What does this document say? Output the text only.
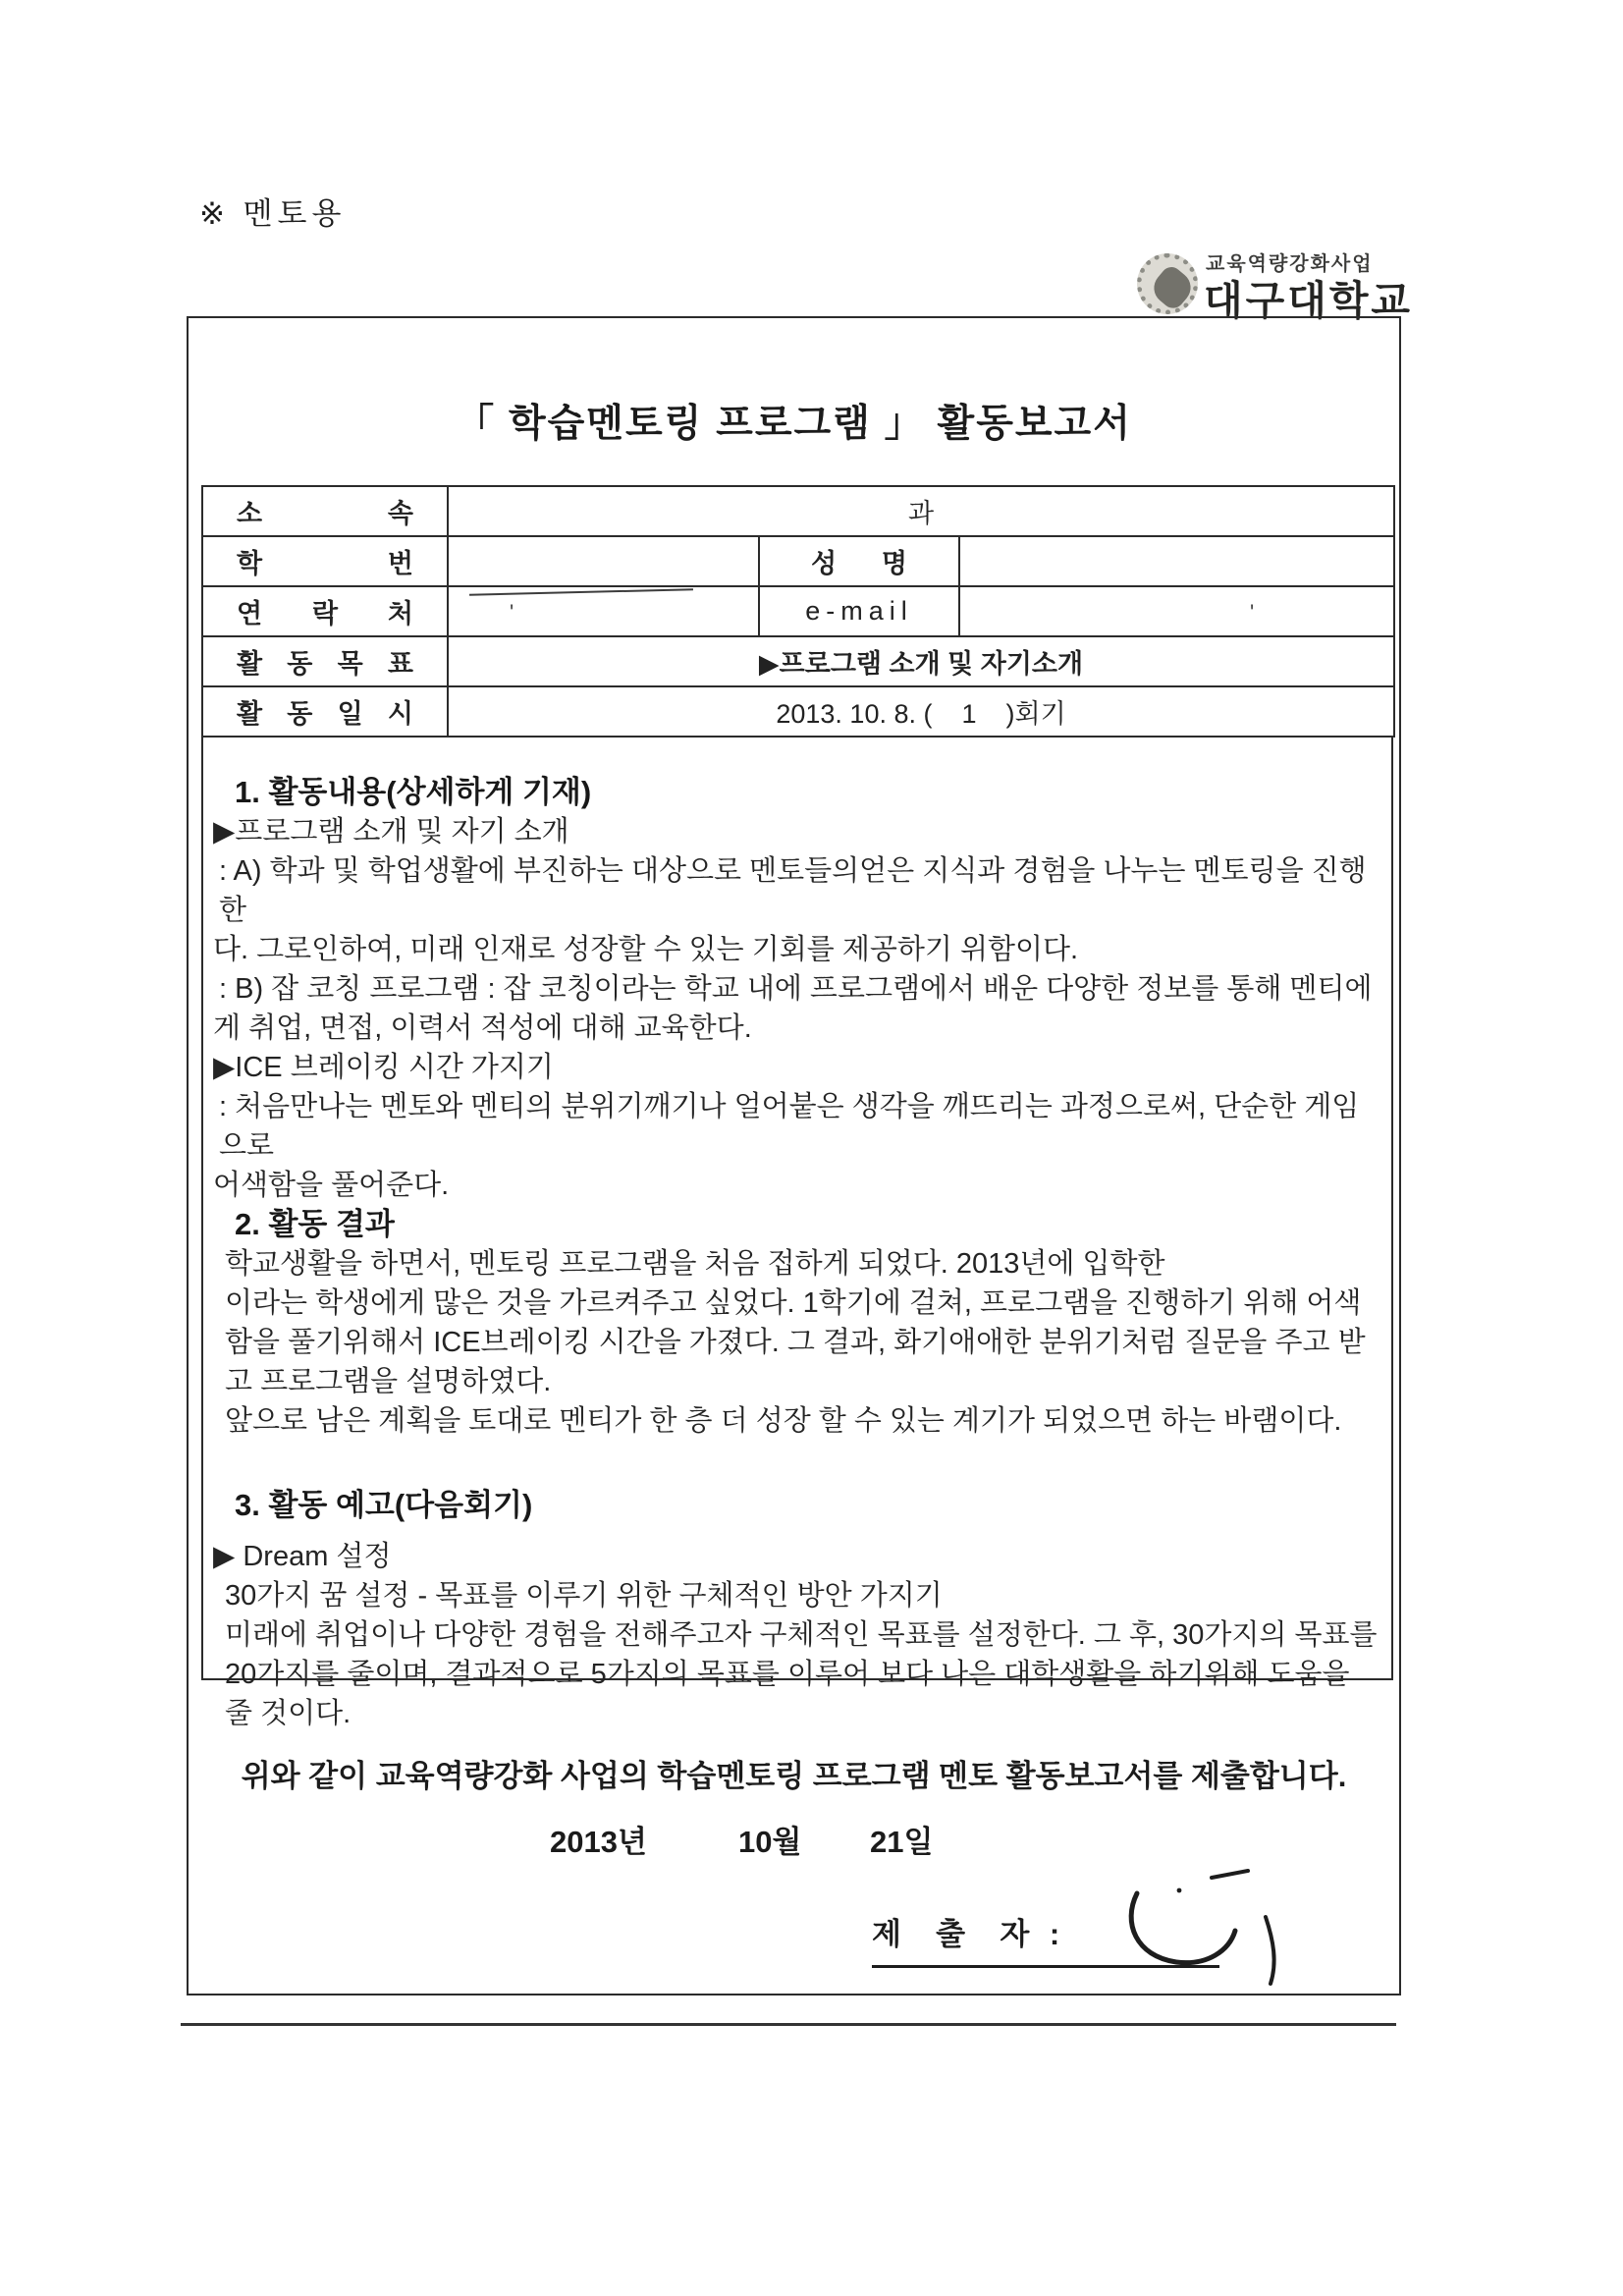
※ 멘토용
교육역량강화사업
대구대학교
「 학습멘토링 프로그램 」 활동보고서
소 속	과		
학 번		성 명	
연 락 처	'	e-mail	'
활 동 목 표	▶프로그램 소개 및 자기소개		
활 동 일 시	2013. 10. 8. (    1    )회기		
1. 활동내용(상세하게 기재)
▶프로그램 소개 및 자기 소개
: A) 학과 및 학업생활에 부진하는 대상으로 멘토들의얻은 지식과 경험을 나누는 멘토링을 진행한
다. 그로인하여, 미래 인재로 성장할 수 있는 기회를 제공하기 위함이다.
: B) 잡 코칭 프로그램 : 잡 코칭이라는 학교 내에 프로그램에서 배운 다양한 정보를 통해 멘티에
게 취업, 면접, 이력서 적성에 대해 교육한다.
▶ICE 브레이킹 시간 가지기
: 처음만나는 멘토와 멘티의 분위기깨기나 얼어붙은 생각을 깨뜨리는 과정으로써, 단순한 게임으로
어색함을 풀어준다.
2. 활동 결과
학교생활을 하면서, 멘토링 프로그램을 처음 접하게 되었다. 2013년에 입학한
이라는 학생에게 많은 것을 가르켜주고 싶었다. 1학기에 걸쳐, 프로그램을 진행하기 위해 어색
함을 풀기위해서 ICE브레이킹 시간을 가졌다. 그 결과, 화기애애한 분위기처럼 질문을 주고 받
고 프로그램을 설명하였다.
앞으로 남은 계획을 토대로 멘티가 한 층 더 성장 할 수 있는 계기가 되었으면 하는 바램이다.
3. 활동 예고(다음회기)
▶ Dream 설정
30가지 꿈 설정 - 목표를 이루기 위한 구체적인 방안 가지기
미래에 취업이나 다양한 경험을 전해주고자 구체적인 목표를 설정한다. 그 후, 30가지의 목표를
20가지를 줄이며, 결과적으로 5가지의 목표를 이루어 보다 나은 대학생활을 하기위해 도움을
줄 것이다.
위와 같이 교육역량강화 사업의 학습멘토링 프로그램 멘토 활동보고서를 제출합니다.
2013년	10월 21일
제  출  자 :
